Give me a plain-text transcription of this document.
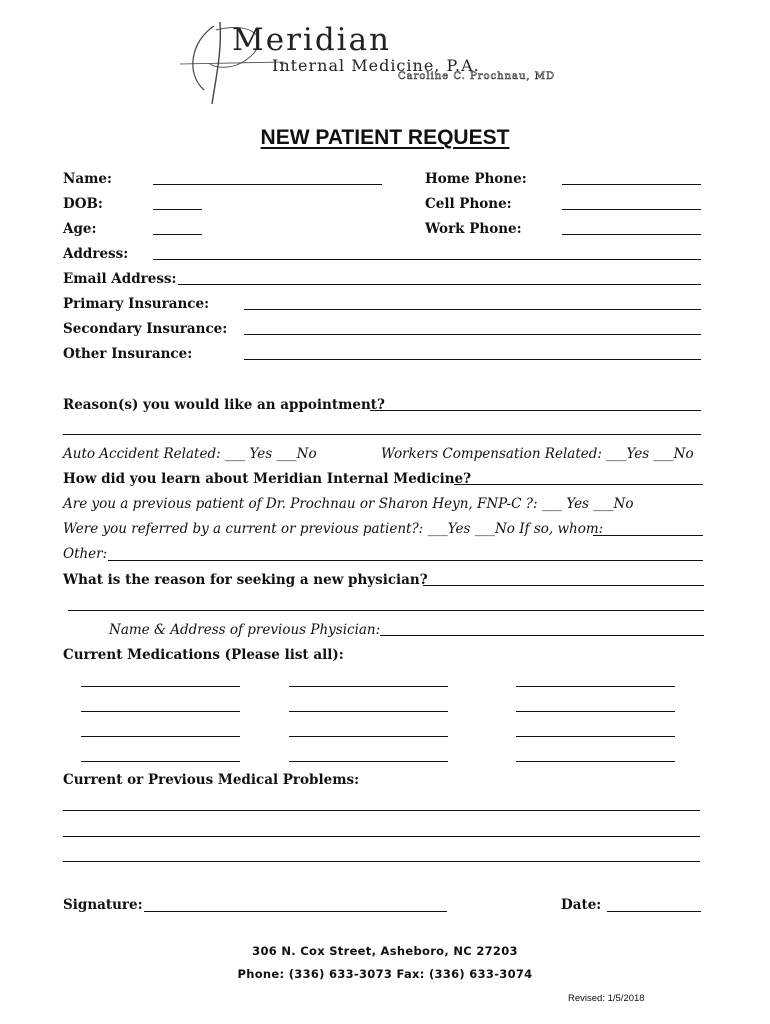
Meridian
Internal Medicine, P.A.
Caroline C. Prochnau, MD
NEW PATIENT REQUEST
Name:	Home Phone:
DOB:	Cell Phone:
Age:	Work Phone:
Address:
Email Address:
Primary Insurance:
Secondary Insurance:
Other Insurance:
Reason(s) you would like an appointment?
Auto Accident Related: ___ Yes ___No	Workers Compensation Related: ___Yes ___No
How did you learn about Meridian Internal Medicine?
Are you a previous patient of Dr. Prochnau or Sharon Heyn, FNP-C ?: ___ Yes ___No
Were you referred by a current or previous patient?: ___Yes ___No If so, whom:
Other:
What is the reason for seeking a new physician?
Name & Address of previous Physician:
Current Medications (Please list all):
Current or Previous Medical Problems:
Signature:	Date:
306 N. Cox Street, Asheboro, NC 27203
Phone: (336) 633-3073 Fax: (336) 633-3074
Revised: 1/5/2018
